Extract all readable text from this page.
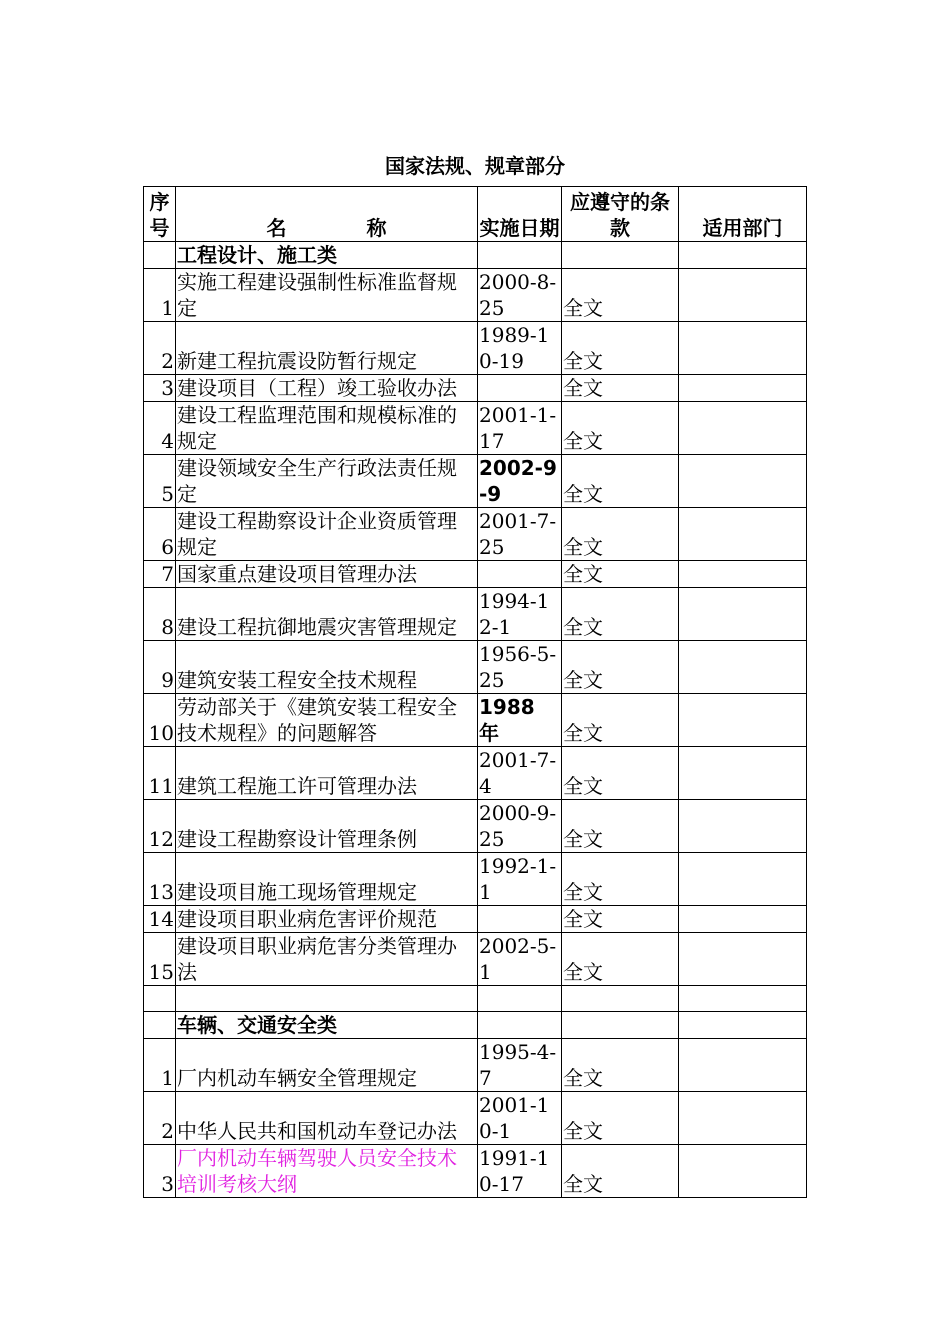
国家法规、规章部分
序号	名 称	实施日期	应遵守的条款	适用部门
	工程设计、施工类			
1	实施工程建设强制性标准监督规定	2000-8-25	全文	
2	新建工程抗震设防暂行规定	1989-10-19	全文	
3	建设项目（工程）竣工验收办法		全文	
4	建设工程监理范围和规模标准的规定	2001-1-17	全文	
5	建设领域安全生产行政法责任规定	2002-9-9	全文	
6	建设工程勘察设计企业资质管理规定	2001-7-25	全文	
7	国家重点建设项目管理办法		全文	
8	建设工程抗御地震灾害管理规定	1994-12-1	全文	
9	建筑安装工程安全技术规程	1956-5-25	全文	
10	劳动部关于《建筑安装工程安全技术规程》的问题解答	1988 年	全文	
11	建筑工程施工许可管理办法	2001-7-4	全文	
12	建设工程勘察设计管理条例	2000-9-25	全文	
13	建设项目施工现场管理规定	1992-1-1	全文	
14	建设项目职业病危害评价规范		全文	
15	建设项目职业病危害分类管理办法	2002-5-1	全文	

	车辆、交通安全类			
1	厂内机动车辆安全管理规定	1995-4-7	全文	
2	中华人民共和国机动车登记办法	2001-10-1	全文	
3	厂内机动车辆驾驶人员安全技术培训考核大纲	1991-10-17	全文	
